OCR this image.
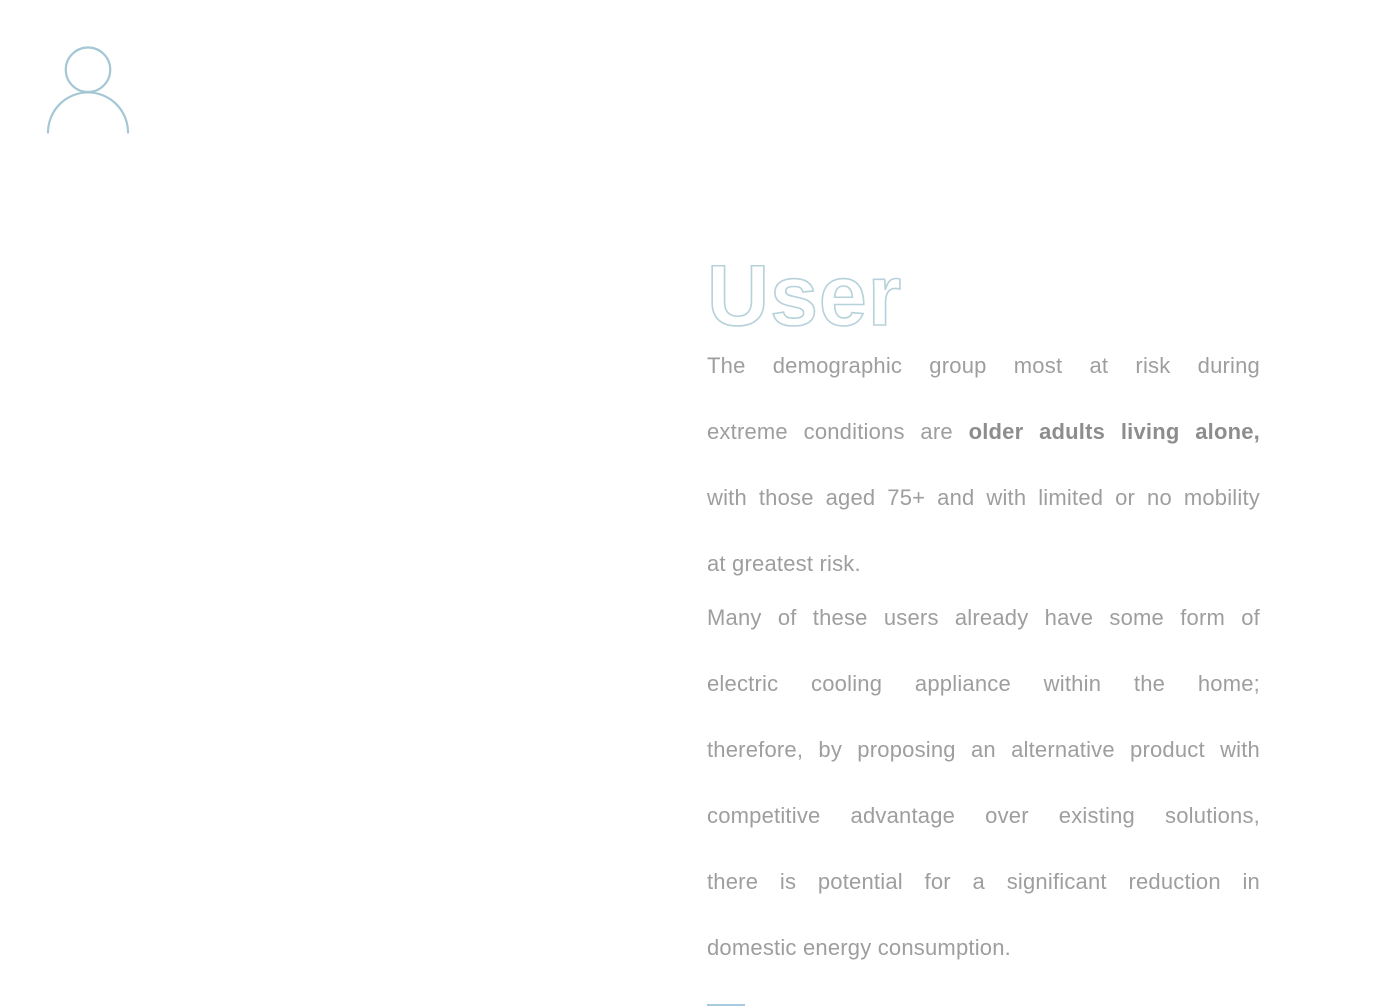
User
The demographic group most at risk during
extreme conditions are older adults living alone,
with those aged 75+ and with limited or no mobility
at greatest risk.
Many of these users already have some form of
electric cooling appliance within the home;
therefore, by proposing an alternative product with
competitive advantage over existing solutions,
there is potential for a significant reduction in
domestic energy consumption.
